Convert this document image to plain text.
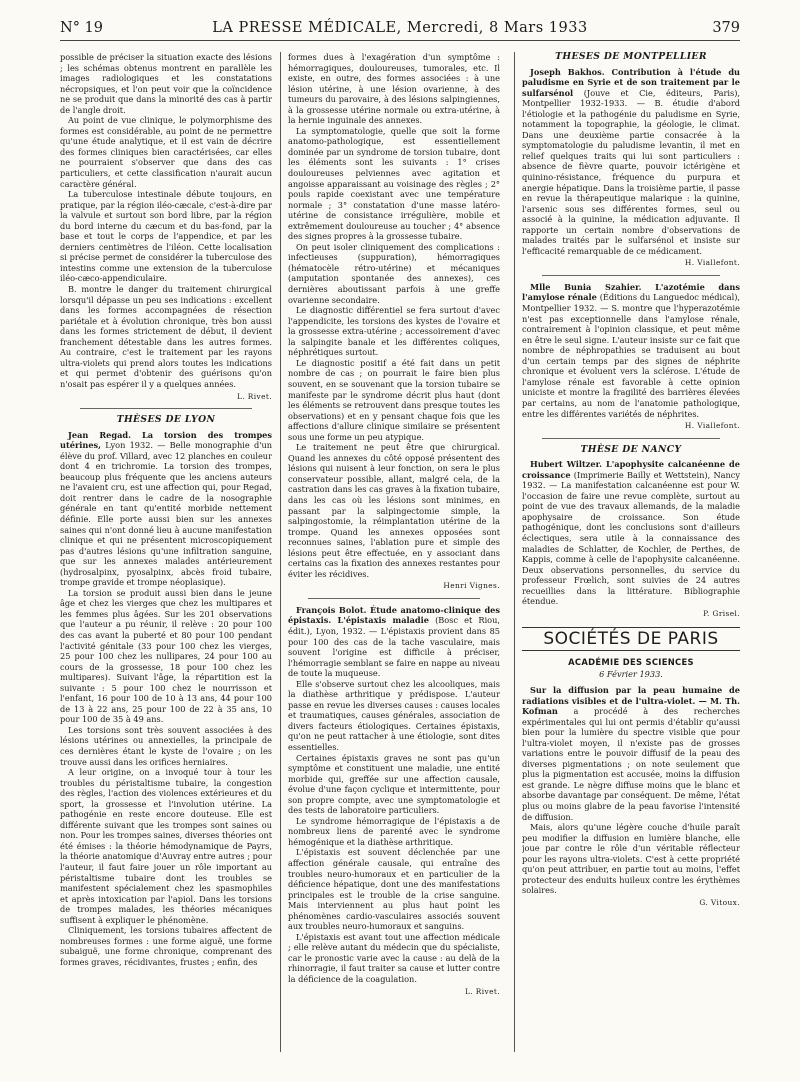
N° 19	LA PRESSE MÉDICALE, Mercredi, 8 Mars 1933	379

possible de préciser la situation exacte des lésions ; les schémas obtenus montrent en parallèle les images radiologiques et les constatations nécropsiques, et l'on peut voir que la coïncidence ne se produit que dans la minorité des cas à partir de l'angle droit.

Au point de vue clinique, le polymorphisme des formes est considérable, au point de ne permettre qu'une étude analytique, et il est vain de décrire des formes cliniques bien caractérisées, car elles ne pourraient s'observer que dans des cas particuliers, et cette classification n'aurait aucun caractère général.

La tuberculose intestinale débute toujours, en pratique, par la région iléo-cæcale, c'est-à-dire par la valvule et surtout son bord libre, par la région du bord interne du cæcum et du bas-fond, par la base et tout le corps de l'appendice, et par les derniers centimètres de l'iléon. Cette localisation si précise permet de considérer la tuberculose des intestins comme une extension de la tuberculose iléo-cæco-appendiculaire.

B. montre le danger du traitement chirurgical lorsqu'il dépasse un peu ses indications : excellent dans les formes accompagnées de résection pariétale et à évolution chronique, très bon aussi dans les formes strictement de début, il devient franchement détestable dans les autres formes. Au contraire, c'est le traitement par les rayons ultra-violets qui prend alors toutes les indications et qui permet d'obtenir des guérisons qu'on n'osait pas espérer il y a quelques années.

L. Rivet.
THÈSES DE LYON

Jean Regad. La torsion des trompes utérines, Lyon 1932. — Belle monographie d'un élève du prof. Villard, avec 12 planches en couleur dont 4 en trichromie. La torsion des trompes, beaucoup plus fréquente que les anciens auteurs ne l'avaient cru, est une affection qui, pour Regad, doit rentrer dans le cadre de la nosographie générale en tant qu'entité morbide nettement définie. Elle porte aussi bien sur les annexes saines qui n'ont donné lieu à aucune manifestation clinique et qui ne présentent microscopiquement pas d'autres lésions qu'une infiltration sanguine, que sur les annexes malades antérieurement (hydrosalpinx, pyosalpinx, abcès froid tubaire, trompe gravide et trompe néoplasique).

La torsion se produit aussi bien dans le jeune âge et chez les vierges que chez les multipares et les femmes plus âgées. Sur les 201 observations que l'auteur a pu réunir, il relève : 20 pour 100 des cas avant la puberté et 80 pour 100 pendant l'activité génitale (33 pour 100 chez les vierges, 25 pour 100 chez les nullipares, 24 pour 100 au cours de la grossesse, 18 pour 100 chez les multipares). Suivant l'âge, la répartition est la suivante : 5 pour 100 chez le nourrisson et l'enfant, 16 pour 100 de 10 à 13 ans, 44 pour 100 de 13 à 22 ans, 25 pour 100 de 22 à 35 ans, 10 pour 100 de 35 à 49 ans.

Les torsions sont très souvent associées à des lésions utérines ou annexielles, la principale de ces dernières étant le kyste de l'ovaire ; on les trouve aussi dans les orifices herniaires.

A leur origine, on a invoqué tour à tour les troubles du péristaltisme tubaire, la congestion des règles, l'action des violences extérieures et du sport, la grossesse et l'involution utérine. La pathogénie en reste encore douteuse. Elle est différente suivant que les trompes sont saines ou non. Pour les trompes saines, diverses théories ont été émises : la théorie hémodynamique de Payrs, la théorie anatomique d'Auvray entre autres ; pour l'auteur, il faut faire jouer un rôle important au péristaltisme tubaire dont les troubles se manifestent spécialement chez les spasmophiles et après intoxication par l'apiol. Dans les torsions de trompes malades, les théories mécaniques suffisent à expliquer le phénomène.

Cliniquement, les torsions tubaires affectent de nombreuses formes : une forme aiguë, une forme subaiguë, une forme chronique, comprenant des formes graves, récidivantes, frustes ; enfin, des

formes dues à l'exagération d'un symptôme : hémorragiques, douloureuses, tumorales, etc. Il existe, en outre, des formes associées : à une lésion utérine, à une lésion ovarienne, à des tumeurs du parovaire, à des lésions salpingiennes, à la grossesse utérine normale ou extra-utérine, à la hernie inguinale des annexes.

La symptomatologie, quelle que soit la forme anatomo-pathologique, est essentiellement dominée par un syndrome de torsion tubaire, dont les éléments sont les suivants : 1° crises douloureuses pelviennes avec agitation et angoisse apparaissant au voisinage des règles ; 2° pouls rapide coexistant avec une température normale ; 3° constatation d'une masse latéro-utérine de consistance irrégulière, mobile et extrêmement douloureuse au toucher ; 4° absence des signes propres à la grossesse tubaire.

On peut isoler cliniquement des complications : infectieuses (suppuration), hémorragiques (hématocèle rétro-utérine) et mécaniques (amputation spontanée des annexes), ces dernières aboutissant parfois à une greffe ovarienne secondaire.

Le diagnostic différentiel se fera surtout d'avec l'appendicite, les torsions des kystes de l'ovaire et la grossesse extra-utérine ; accessoirement d'avec la salpingite banale et les différentes coliques, néphrétiques surtout.

Le diagnostic positif a été fait dans un petit nombre de cas ; on pourrait le faire bien plus souvent, en se souvenant que la torsion tubaire se manifeste par le syndrome décrit plus haut (dont les éléments se retrouvent dans presque toutes les observations) et en y pensant chaque fois que les affections d'allure clinique similaire se présentent sous une forme un peu atypique.

Le traitement ne peut être que chirurgical. Quand les annexes du côté opposé présentent des lésions qui nuisent à leur fonction, on sera le plus conservateur possible, allant, malgré cela, de la castration dans les cas graves à la fixation tubaire, dans les cas où les lésions sont minimes, en passant par la salpingectomie simple, la salpingostomie, la réimplantation utérine de la trompe. Quand les annexes opposées sont reconnues saines, l'ablation pure et simple des lésions peut être effectuée, en y associant dans certains cas la fixation des annexes restantes pour éviter les récidives.

Henri Vignes.

François Bolot. Étude anatomo-clinique des épistaxis. L'épistaxis maladie (Bosc et Riou, édit.), Lyon, 1932. — L'épistaxis provient dans 85 pour 100 des cas de la tache vasculaire, mais souvent l'origine est difficile à préciser, l'hémorragie semblant se faire en nappe au niveau de toute la muqueuse.

Elle s'observe surtout chez les alcooliques, mais la diathèse arthritique y prédispose. L'auteur passe en revue les diverses causes : causes locales et traumatiques, causes générales, association de divers facteurs étiologiques. Certaines épistaxis, qu'on ne peut rattacher à une étiologie, sont dites essentielles.

Certaines épistaxis graves ne sont pas qu'un symptôme et constituent une maladie, une entité morbide qui, greffée sur une affection causale, évolue d'une façon cyclique et intermittente, pour son propre compte, avec une symptomatologie et des tests de laboratoire particuliers.

Le syndrome hémorragique de l'épistaxis a de nombreux liens de parenté avec le syndrome hémogénique et la diathèse arthritique.

L'épistaxis est souvent déclenchée par une affection générale causale, qui entraîne des troubles neuro-humoraux et en particulier de la déficience hépatique, dont une des manifestations principales est le trouble de la crise sanguine. Mais interviennent au plus haut point les phénomènes cardio-vasculaires associés souvent aux troubles neuro-humoraux et sanguins.

L'épistaxis est avant tout une affection médicale ; elle relève autant du médecin que du spécialiste, car le pronostic varie avec la cause : au delà de la rhinorragie, il faut traiter sa cause et lutter contre la déficience de la coagulation.

L. Rivet.
THÈSES DE MONTPELLIER

Joseph Bakhos. Contribution à l'étude du paludisme en Syrie et de son traitement par le sulfarsénol (Jouve et Cie, éditeurs, Paris), Montpellier 1932-1933. — B. étudie d'abord l'étiologie et la pathogénie du paludisme en Syrie, notamment la topographie, la géologie, le climat. Dans une deuxième partie consacrée à la symptomatologie du paludisme levantin, il met en relief quelques traits qui lui sont particuliers : absence de fièvre quarte, pouvoir ictérigène et quinino-résistance, fréquence du purpura et anergie hépatique. Dans la troisième partie, il passe en revue la thérapeutique malarique : la quinine, l'arsenic sous ses différentes formes, seul ou associé à la quinine, la médication adjuvante. Il rapporte un certain nombre d'observations de malades traités par le sulfarsénol et insiste sur l'efficacité remarquable de ce médicament.

H. Viallefont.

Mlle Bunia Szahier. L'azotémie dans l'amylose rénale (Éditions du Languedoc médical), Montpellier 1932. — S. montre que l'hyperazotémie n'est pas exceptionnelle dans l'amylose rénale, contrairement à l'opinion classique, et peut même en être le seul signe. L'auteur insiste sur ce fait que nombre de néphropathies se traduisent au bout d'un certain temps par des signes de néphrite chronique et évoluent vers la sclérose. L'étude de l'amylose rénale est favorable à cette opinion uniciste et montre la fragilité des barrières élevées par certains, au nom de l'anatomie pathologique, entre les différentes variétés de néphrites.

H. Viallefont.
THÈSE DE NANCY

Hubert Wiltzer. L'apophysite calcanéenne de croissance (Imprimerie Bailly et Wettstein), Nancy 1932. — La manifestation calcanéenne est pour W. l'occasion de faire une revue complète, surtout au point de vue des travaux allemands, de la maladie apophysaire de croissance. Son étude pathogénique, dont les conclusions sont d'ailleurs éclectiques, sera utile à la connaissance des maladies de Schlatter, de Kochler, de Perthes, de Kappis, comme à celle de l'apophysite calcanéenne. Deux observations personnelles, du service du professeur Frœlich, sont suivies de 24 autres recueillies dans la littérature. Bibliographie étendue.

P. Grisel.
SOCIÉTÉS DE PARIS
ACADÉMIE DES SCIENCES
6 Février 1933.

Sur la diffusion par la peau humaine de radiations visibles et de l'ultra-violet. — M. Th. Kofman a procédé à des recherches expérimentales qui lui ont permis d'établir qu'aussi bien pour la lumière du spectre visible que pour l'ultra-violet moyen, il n'existe pas de grosses variations entre le pouvoir diffusif de la peau des diverses pigmentations ; on note seulement que plus la pigmentation est accusée, moins la diffusion est grande. Le nègre diffuse moins que le blanc et absorbe davantage par conséquent. De même, l'état plus ou moins glabre de la peau favorise l'intensité de diffusion.

Mais, alors qu'une légère couche d'huile paraît peu modifier la diffusion en lumière blanche, elle joue par contre le rôle d'un véritable réflecteur pour les rayons ultra-violets. C'est à cette propriété qu'on peut attribuer, en partie tout au moins, l'effet protecteur des enduits huileux contre les érythèmes solaires.

G. Vitoux.
